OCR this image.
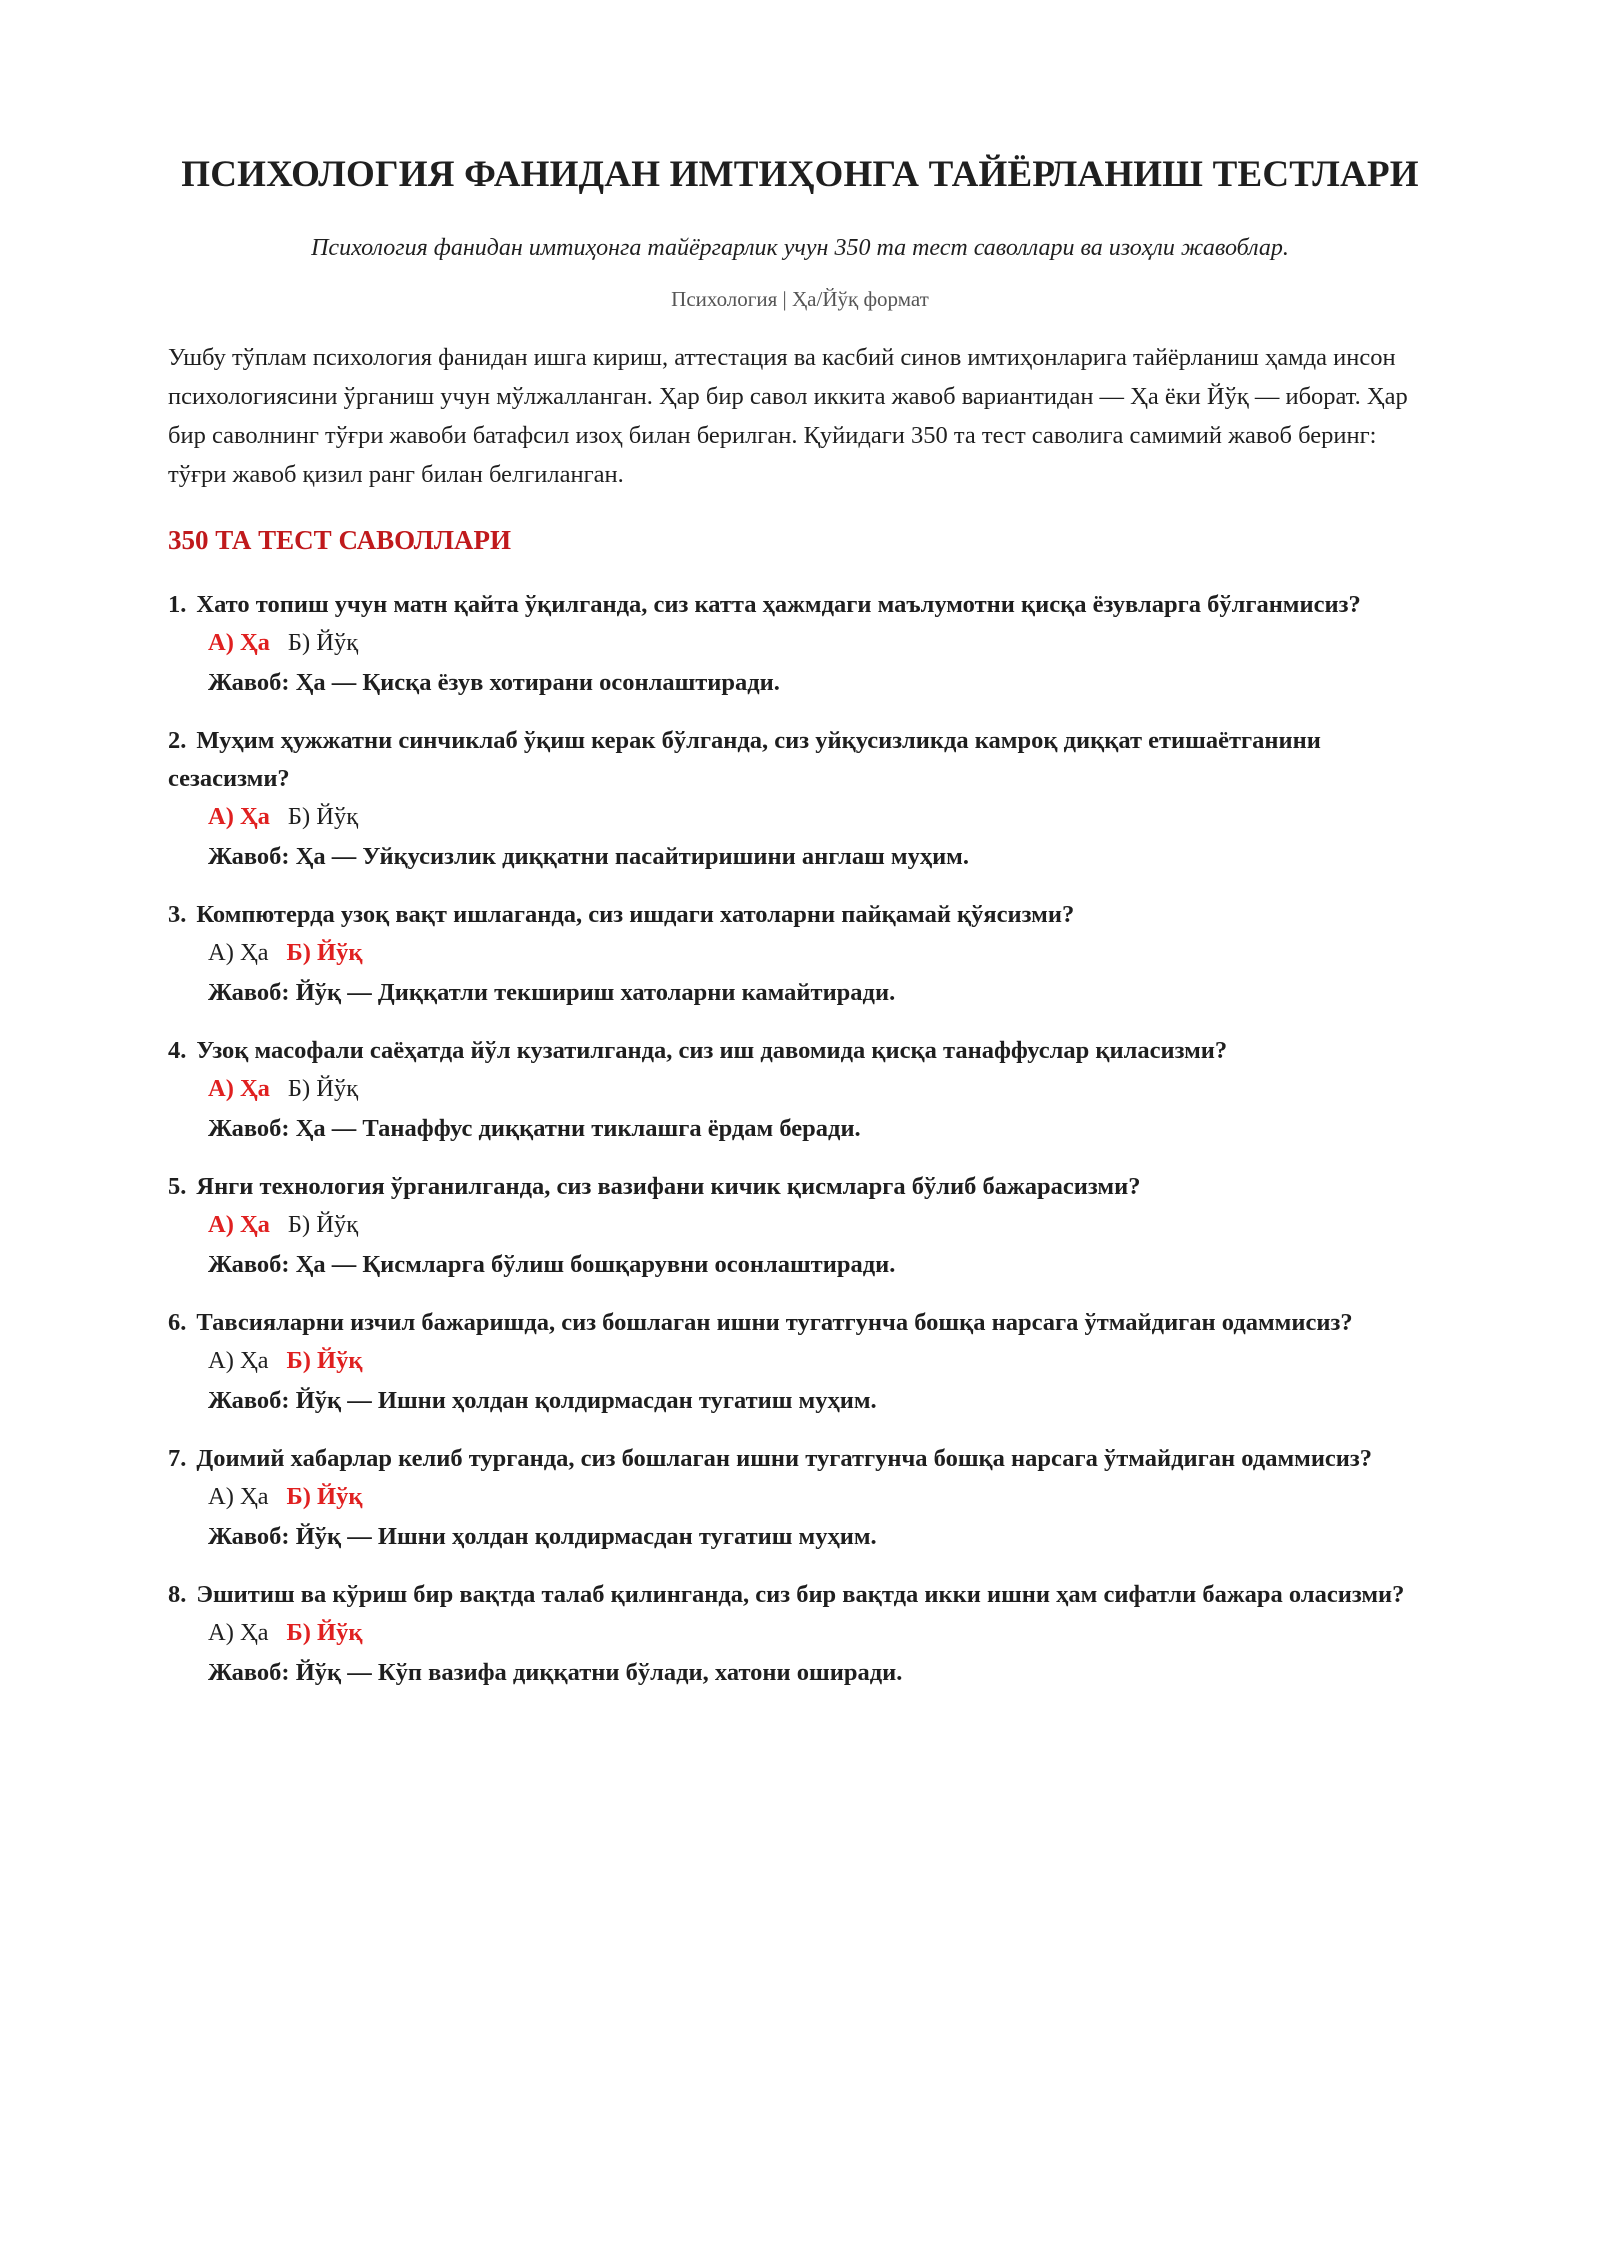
ПСИХОЛОГИЯ ФАНИДАН ИМТИҲОНГА ТАЙЁРЛАНИШ ТЕСТЛАРИ
Психология фанидан имтиҳонга тайёргарлик учун 350 та тест саволлари ва изоҳли жавоблар.
Психология | Ҳа/Йўқ формат
Ушбу тўплам психология фанидан ишга кириш, аттестация ва касбий синов имтиҳонларига тайёрланиш ҳамда инсон психологиясини ўрганиш учун мўлжалланган. Ҳар бир савол иккита жавоб вариантидан — Ҳа ёки Йўқ — иборат. Ҳар бир саволнинг тўғри жавоби батафсил изоҳ билан берилган. Қуйидаги 350 та тест саволига самимий жавоб беринг: тўғри жавоб қизил ранг билан белгиланган.
350 ТА ТЕСТ САВОЛЛАРИ
1. Хато топиш учун матн қайта ўқилганда, сиз катта ҳажмдаги маълумотни қисқа ёзувларга бўлганмисиз?
А) Ҳа Б) Йўқ
Жавоб: Ҳа — Қисқа ёзув хотирани осонлаштиради.
2. Муҳим ҳужжатни синчиклаб ўқиш керак бўлганда, сиз уйқусизликда камроқ диққат етишаётганини сезасизми?
А) Ҳа Б) Йўқ
Жавоб: Ҳа — Уйқусизлик диққатни пасайтиришини англаш муҳим.
3. Компютерда узоқ вақт ишлаганда, сиз ишдаги хатоларни пайқамай қўясизми?
А) Ҳа Б) Йўқ
Жавоб: Йўқ — Диққатли текшириш хатоларни камайтиради.
4. Узоқ масофали саёҳатда йўл кузатилганда, сиз иш давомида қисқа танаффуслар қиласизми?
А) Ҳа Б) Йўқ
Жавоб: Ҳа — Танаффус диққатни тиклашга ёрдам беради.
5. Янги технология ўрганилганда, сиз вазифани кичик қисмларга бўлиб бажарасизми?
А) Ҳа Б) Йўқ
Жавоб: Ҳа — Қисмларга бўлиш бошқарувни осонлаштиради.
6. Тавсияларни изчил бажаришда, сиз бошлаган ишни тугатгунча бошқа нарсага ўтмайдиган одаммисиз?
А) Ҳа Б) Йўқ
Жавоб: Йўқ — Ишни ҳолдан қолдирмасдан тугатиш муҳим.
7. Доимий хабарлар келиб турганда, сиз бошлаган ишни тугатгунча бошқа нарсага ўтмайдиган одаммисиз?
А) Ҳа Б) Йўқ
Жавоб: Йўқ — Ишни ҳолдан қолдирмасдан тугатиш муҳим.
8. Эшитиш ва кўриш бир вақтда талаб қилинганда, сиз бир вақтда икки ишни ҳам сифатли бажара оласизми?
А) Ҳа Б) Йўқ
Жавоб: Йўқ — Кўп вазифа диққатни бўлади, хатони оширади.
